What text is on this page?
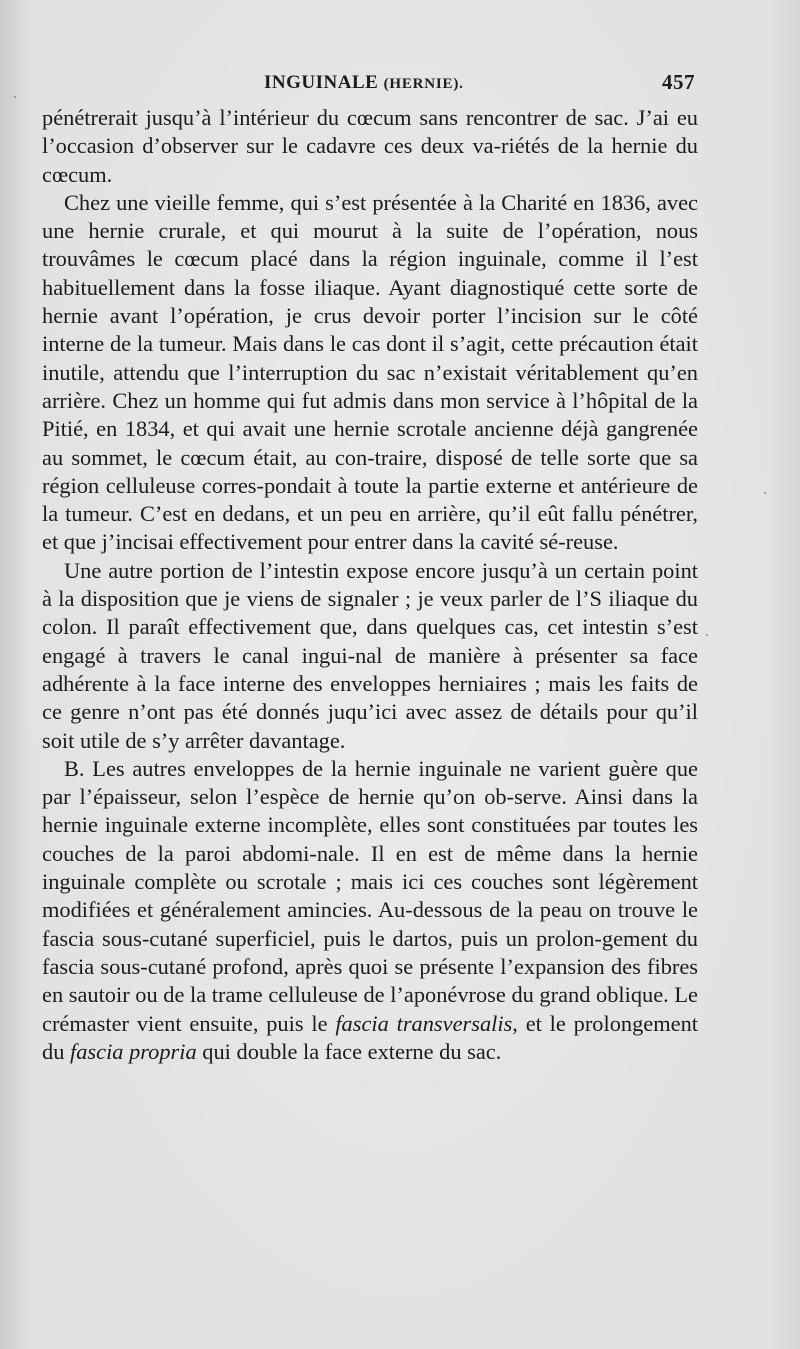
INGUINALE (HERNIE).	457

pénétrerait jusqu’à l’intérieur du cœcum sans rencontrer de sac. J’ai eu l’occasion d’observer sur le cadavre ces deux va-riétés de la hernie du cœcum.

Chez une vieille femme, qui s’est présentée à la Charité en 1836, avec une hernie crurale, et qui mourut à la suite de l’opération, nous trouvâmes le cœcum placé dans la région inguinale, comme il l’est habituellement dans la fosse iliaque. Ayant diagnostiqué cette sorte de hernie avant l’opération, je crus devoir porter l’incision sur le côté interne de la tumeur. Mais dans le cas dont il s’agit, cette précaution était inutile, attendu que l’interruption du sac n’existait véritablement qu’en arrière. Chez un homme qui fut admis dans mon service à l’hôpital de la Pitié, en 1834, et qui avait une hernie scrotale ancienne déjà gangrenée au sommet, le cœcum était, au con-traire, disposé de telle sorte que sa région celluleuse corres-pondait à toute la partie externe et antérieure de la tumeur. C’est en dedans, et un peu en arrière, qu’il eût fallu pénétrer, et que j’incisai effectivement pour entrer dans la cavité sé-reuse.

Une autre portion de l’intestin expose encore jusqu’à un certain point à la disposition que je viens de signaler ; je veux parler de l’S iliaque du colon. Il paraît effectivement que, dans quelques cas, cet intestin s’est engagé à travers le canal ingui-nal de manière à présenter sa face adhérente à la face interne des enveloppes herniaires ; mais les faits de ce genre n’ont pas été donnés juqu’ici avec assez de détails pour qu’il soit utile de s’y arrêter davantage.

B. Les autres enveloppes de la hernie inguinale ne varient guère que par l’épaisseur, selon l’espèce de hernie qu’on ob-serve. Ainsi dans la hernie inguinale externe incomplète, elles sont constituées par toutes les couches de la paroi abdomi-nale. Il en est de même dans la hernie inguinale complète ou scrotale ; mais ici ces couches sont légèrement modifiées et généralement amincies. Au-dessous de la peau on trouve le fascia sous-cutané superficiel, puis le dartos, puis un prolon-gement du fascia sous-cutané profond, après quoi se présente l’expansion des fibres en sautoir ou de la trame celluleuse de l’aponévrose du grand oblique. Le crémaster vient ensuite, puis le fascia transversalis, et le prolongement du fascia propria qui double la face externe du sac.
